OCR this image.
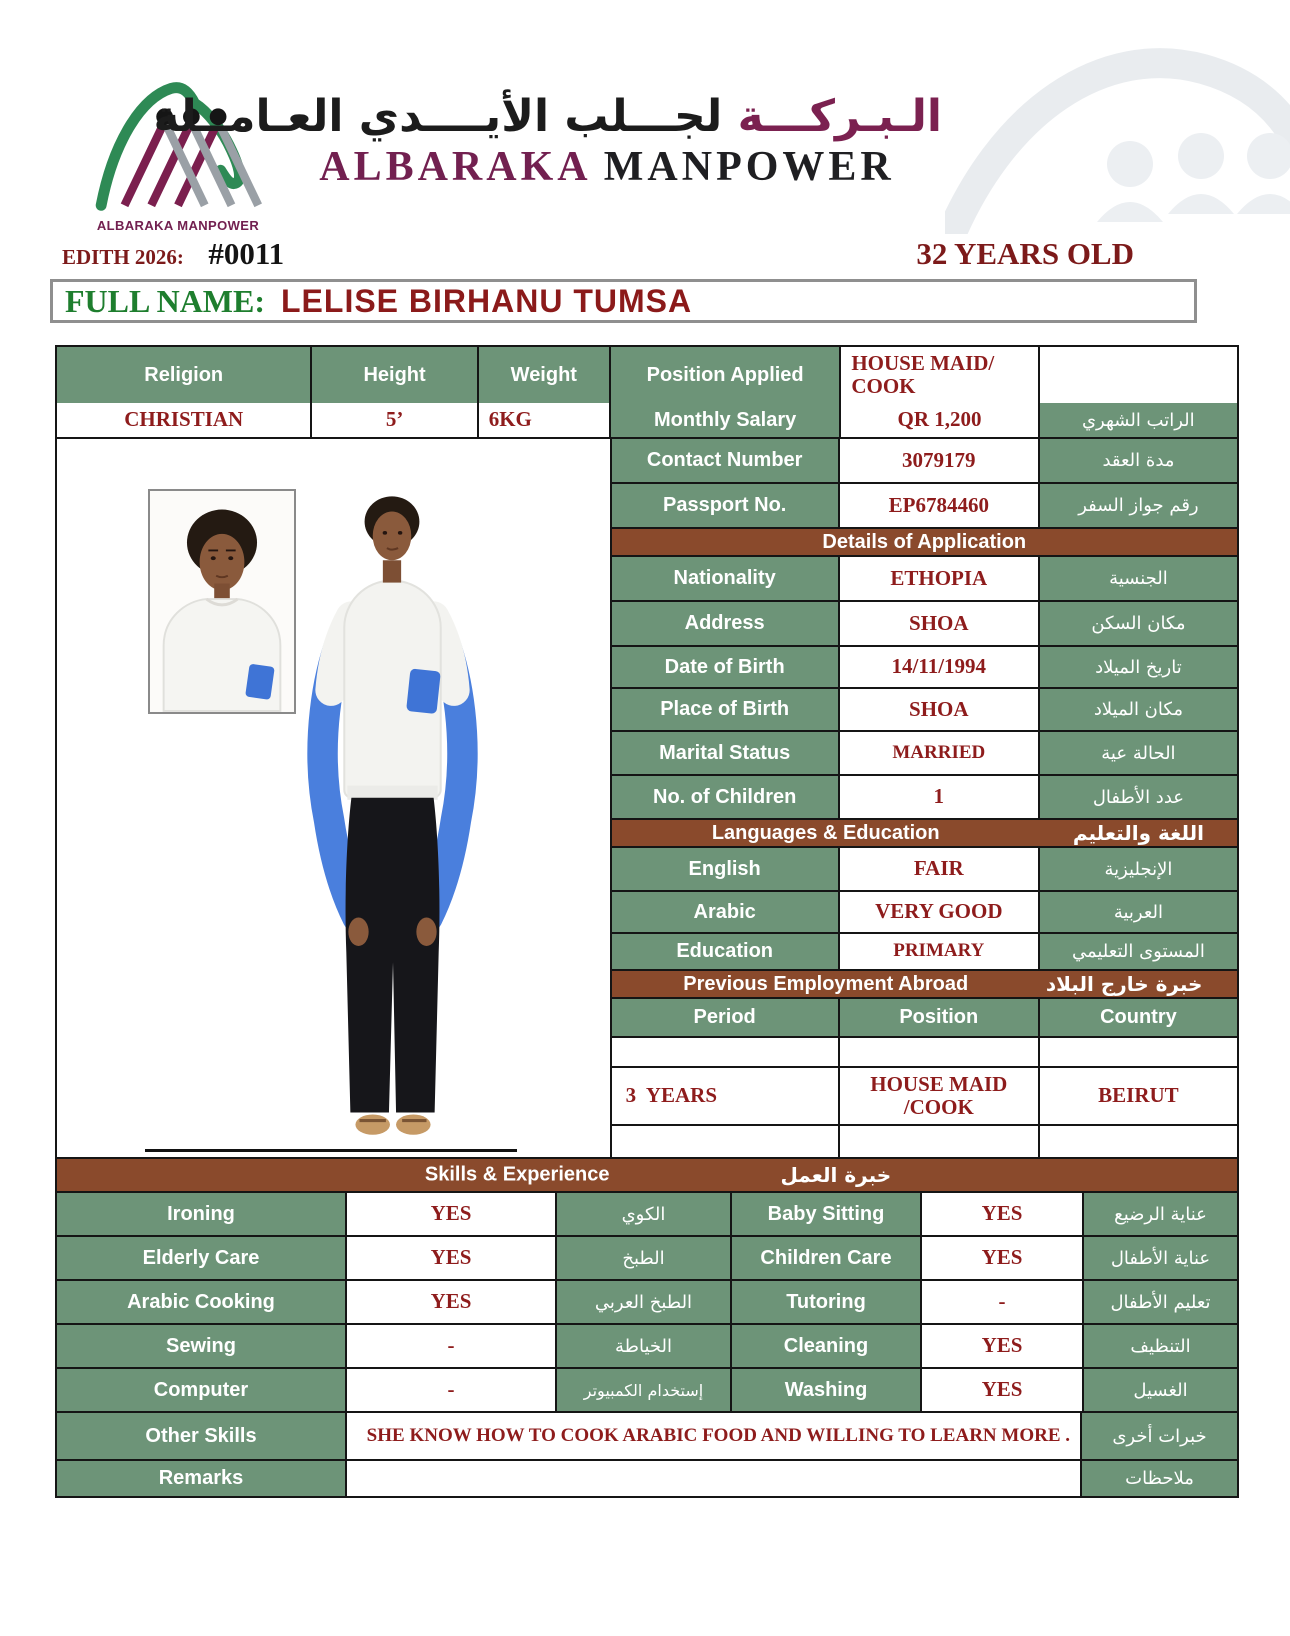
ALBARAKA MANPOWER
الـبـركـــة لجـــلب الأيــــدي العـامــلة
ALBARAKA MANPOWER
EDITH 2026: #0011	32 YEARS OLD
FULL NAME: LELISE BIRHANU TUMSA
Religion	Height	Weight	Position Applied	HOUSE MAID/ COOK
CHRISTIAN	5’	6KG	Monthly Salary	QR 1,200	الراتب الشهري
Contact Number	3079179	مدة العقد
Passport No.	EP6784460	رقم جواز السفر
Details of Application
Nationality	ETHOPIA	الجنسية
Address	SHOA	مكان السكن
Date of Birth	14/11/1994	تاريخ الميلاد
Place of Birth	SHOA	مكان الميلاد
Marital Status	MARRIED	الحالة عية
No. of Children	1	عدد الأطفال
Languages & Education	اللغة والتعليم
English	FAIR	الإنجليزية
Arabic	VERY GOOD	العربية
Education	PRIMARY	المستوى التعليمي
Previous Employment Abroad	خبرة خارج البلاد
Period	Position	Country
3  YEARS	HOUSE MAID /COOK	BEIRUT
Skills & Experience	خبرة العمل
Ironing	YES	الكوي	Baby Sitting	YES	عناية الرضيع
Elderly Care	YES	الطبخ	Children Care	YES	عناية الأطفال
Arabic Cooking	YES	الطبخ العربي	Tutoring	-	تعليم الأطفال
Sewing	-	الخياطة	Cleaning	YES	التنظيف
Computer	-	إستخدام الكمبيوتر	Washing	YES	الغسيل
Other Skills	SHE KNOW HOW TO COOK ARABIC FOOD AND WILLING TO LEARN MORE .	خبرات أخرى
Remarks	ملاحظات
